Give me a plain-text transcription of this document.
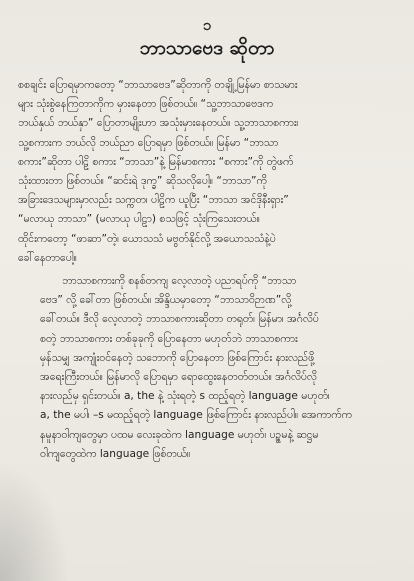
၁
ဘာသာဗေဒ ဆိုတာ
စစချင်း ပြောရမှာကတော့ “ဘာသာဗေဒ”ဆိုတာကို တချို့မြန်မာ စာသမား
များ သုံးစွဲနေကြတာကိုက မှားနေတာ ဖြစ်တယ်။ “သူ့ဘာသာဗေဒက
ဘယ်နှယ် ဘယ်နှာ” ပြောတာမျိုးဟာ အသုံးမှားနေတယ်။ သူ့ဘာသာစကား၊
သူ့စကားက ဘယ်လို ဘယ်ညာ ပြောရမှာ ဖြစ်တယ်။ မြန်မာ “ဘာသာ
စကား”ဆိုတာ ပါဠိ စကား “ဘာသာ”နဲ့ မြန်မာစကား “စကား”ကို တွဲဖက်
သုံးထားတာ ဖြစ်တယ်။ “ဆင်းရဲ ဒုက္ခ” ဆိုသလိုပေါ့။ “ဘာသာ”ကို
အခြားဒေသများမှာလည်း သက္ကတ၊ ပါဠိက ယူပြီး “ဘာသာ အင်ဒိုနီးရှား”
“မလာယု ဘာသာ” (မလာယု ပါဠာ) စသဖြင့် သုံးကြသေးတယ်။
ထိုင်းကတော့ “ဖာဆာ”တဲ့၊ ယောသသံ မဗွတ်နိုင်လို့ အယောသသံနဲ့ပဲ
ခေါ်နေတာပေါ့။
ဘာသာစကားကို စနစ်တကျ လေ့လာတဲ့ ပညာရပ်ကို “ဘာသာ
ဗေဒ” လို့ ခေါ်တာ ဖြစ်တယ်။ အိန္ဒိယမှာတော့ “ဘာသာဝိဉာဏ”လို့
ခေါ်တယ်။ ဒီလို လေ့လာတဲ့ ဘာသာစကားဆိုတာ တရုတ်၊ မြန်မာ၊ အင်္ဂလိပ်
စတဲ့ ဘာသာစကား တစ်ခုခုကို ပြောနေတာ မဟုတ်ဘဲ ဘာသာစကား
မှန်သမျှ အကျုံးဝင်နေတဲ့ သဘောကို ပြောနေတာ ဖြစ်ကြောင်း နားလည်ဖို့
အရေးကြီးတယ်။ မြန်မာလို ပြောရမှာ ရောထွေးနေတတ်တယ်။ အင်္ဂလိပ်လို
နားလည်မှ ရှင်းတယ်။ a, the နဲ့ သုံးရတဲ့ s ထည့်ရတဲ့ language မဟုတ်၊
a, the မပါ၊ –s မထည့်ရတဲ့ language ဖြစ်ကြောင်း နားလည်ပါ။ အေကာက်က
နမူနာဝါကျတွေမှာ ပထမ လေးခုထဲက language မဟုတ်၊ ပဉ္စမနဲ့ ဆဋ္ဌမ
ဝါကျတွေထဲက language ဖြစ်တယ်။
